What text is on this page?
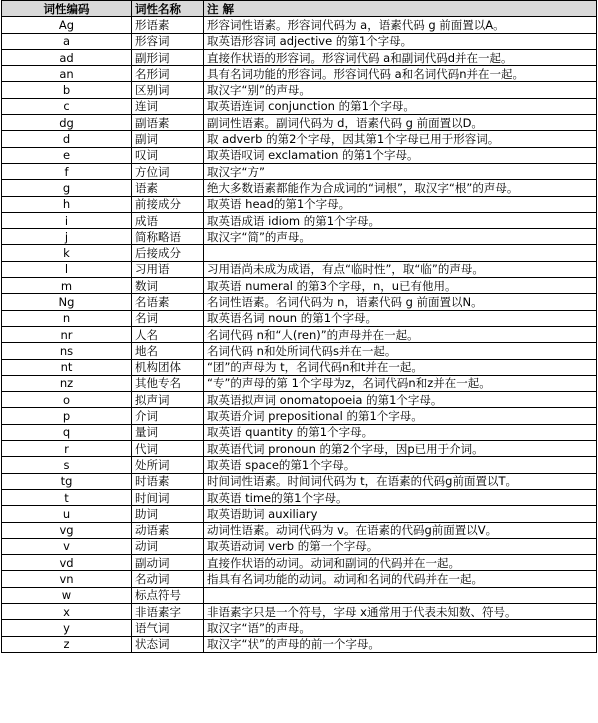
词性编码	词性名称	注 解
Ag	形语素	形容词性语素。形容词代码为 a，语素代码 g 前面置以A。
a	形容词	取英语形容词 adjective 的第1个字母。
ad	副形词	直接作状语的形容词。形容词代码 a和副词代码d并在一起。
an	名形词	具有名词功能的形容词。形容词代码 a和名词代码n并在一起。
b	区别词	取汉字“别”的声母。
c	连词	取英语连词 conjunction 的第1个字母。
dg	副语素	副词性语素。副词代码为 d，语素代码 g 前面置以D。
d	副词	取 adverb 的第2个字母，因其第1个字母已用于形容词。
e	叹词	取英语叹词 exclamation 的第1个字母。
f	方位词	取汉字“方”
g	语素	绝大多数语素都能作为合成词的“词根”，取汉字“根”的声母。
h	前接成分	取英语 head的第1个字母。
i	成语	取英语成语 idiom 的第1个字母。
j	简称略语	取汉字“简”的声母。
k	后接成分	
l	习用语	习用语尚未成为成语，有点“临时性”，取“临”的声母。
m	数词	取英语 numeral 的第3个字母，n，u已有他用。
Ng	名语素	名词性语素。名词代码为 n，语素代码 g 前面置以N。
n	名词	取英语名词 noun 的第1个字母。
nr	人名	名词代码 n和“人(ren)”的声母并在一起。
ns	地名	名词代码 n和处所词代码s并在一起。
nt	机构团体	“团”的声母为 t，名词代码n和t并在一起。
nz	其他专名	“专”的声母的第 1个字母为z，名词代码n和z并在一起。
o	拟声词	取英语拟声词 onomatopoeia 的第1个字母。
p	介词	取英语介词 prepositional 的第1个字母。
q	量词	取英语 quantity 的第1个字母。
r	代词	取英语代词 pronoun 的第2个字母，因p已用于介词。
s	处所词	取英语 space的第1个字母。
tg	时语素	时间词性语素。时间词代码为 t，在语素的代码g前面置以T。
t	时间词	取英语 time的第1个字母。
u	助词	取英语助词 auxiliary
vg	动语素	动词性语素。动词代码为 v。在语素的代码g前面置以V。
v	动词	取英语动词 verb 的第一个字母。
vd	副动词	直接作状语的动词。动词和副词的代码并在一起。
vn	名动词	指具有名词功能的动词。动词和名词的代码并在一起。
w	标点符号	
x	非语素字	非语素字只是一个符号，字母 x通常用于代表未知数、符号。
y	语气词	取汉字“语”的声母。
z	状态词	取汉字“状”的声母的前一个字母。
